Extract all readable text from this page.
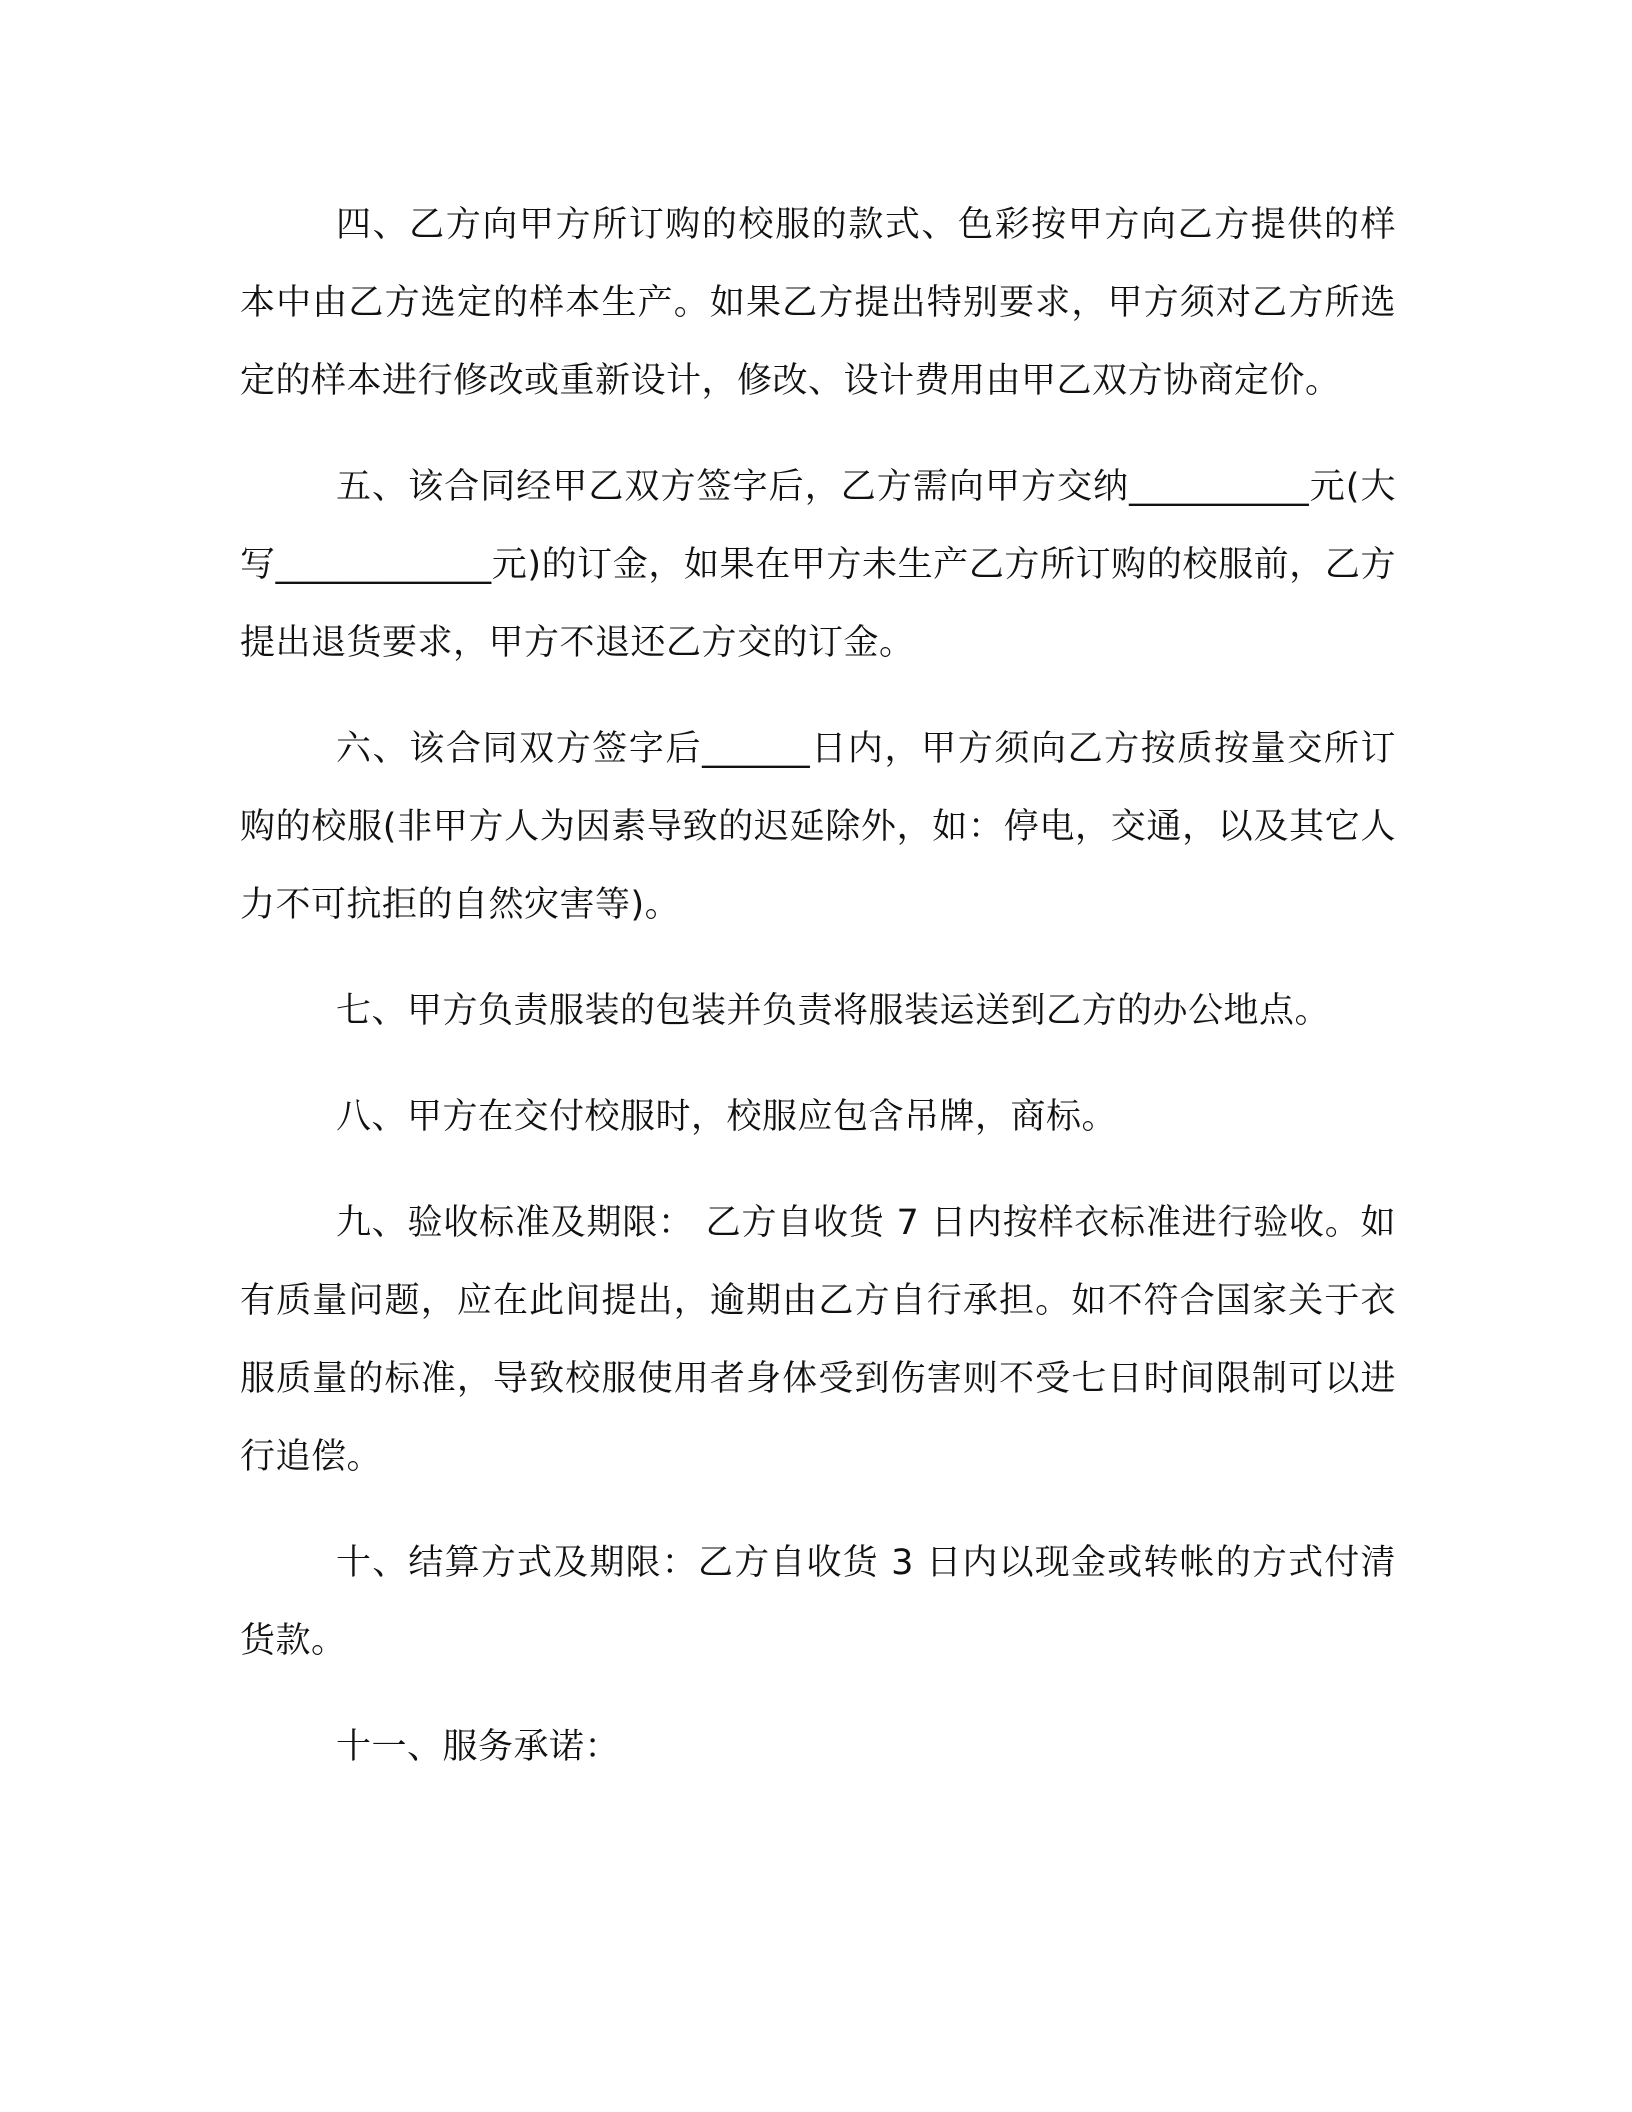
四、乙方向甲方所订购的校服的款式、色彩按甲方向乙方提供的样本中由乙方选定的样本生产。如果乙方提出特别要求，甲方须对乙方所选定的样本进行修改或重新设计，修改、设计费用由甲乙双方协商定价。

五、该合同经甲乙双方签字后，乙方需向甲方交纳__________元(大写____________元)的订金，如果在甲方未生产乙方所订购的校服前，乙方提出退货要求，甲方不退还乙方交的订金。

六、该合同双方签字后______日内，甲方须向乙方按质按量交所订购的校服(非甲方人为因素导致的迟延除外，如：停电，交通，以及其它人力不可抗拒的自然灾害等)。

七、甲方负责服装的包装并负责将服装运送到乙方的办公地点。

八、甲方在交付校服时，校服应包含吊牌，商标。

九、验收标准及期限： 乙方自收货 7 日内按样衣标准进行验收。如有质量问题，应在此间提出，逾期由乙方自行承担。如不符合国家关于衣服质量的标准，导致校服使用者身体受到伤害则不受七日时间限制可以进行追偿。

十、结算方式及期限：乙方自收货 3 日内以现金或转帐的方式付清货款。

十一、服务承诺：
